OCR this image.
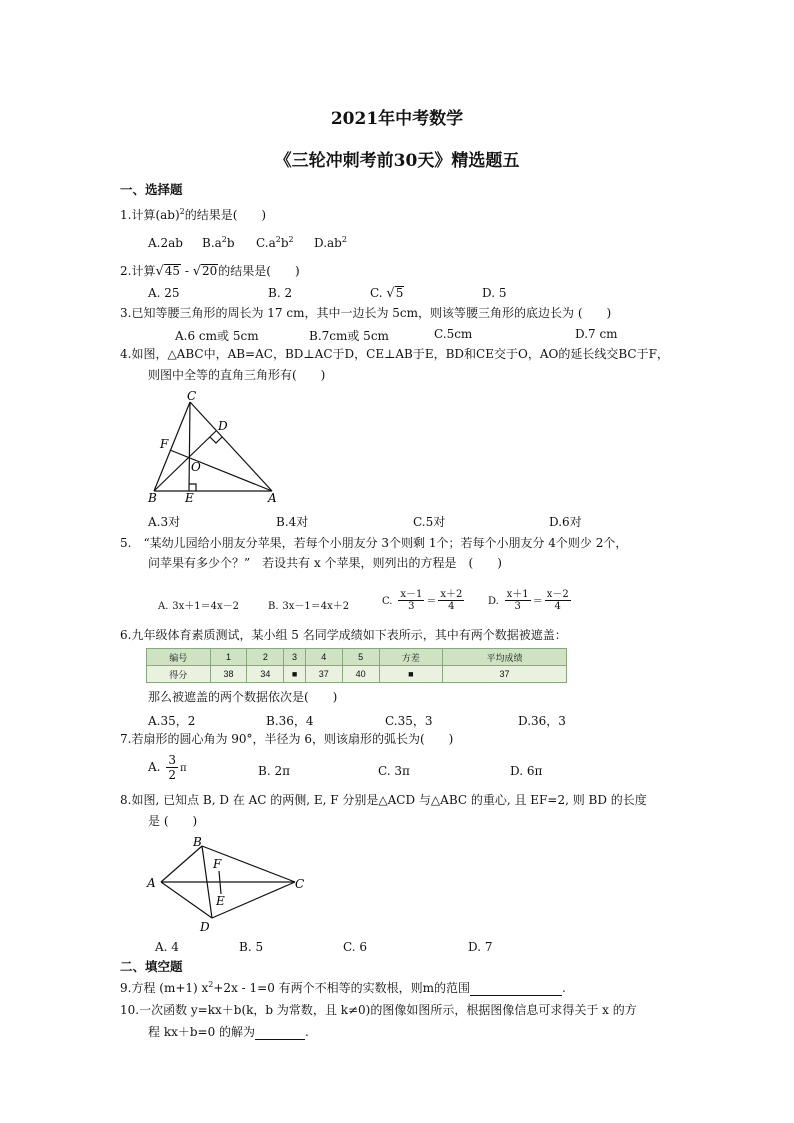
2021年中考数学
《三轮冲刺考前30天》精选题五
一、选择题
1.计算(ab)$^2$的结果是(　　)
A.2ab $B.a^2b$ $C.a^2b^2$ $D.ab^2$
2.计算√45 - √20的结果是(　　)
A. 25	B. 2	C. √5	D. 5
3.已知等腰三角形的周长为 17 cm，其中一边长为 5cm，则该等腰三角形的底边长为 (　　)
A.6 cm或 5cm	B.7cm或 5cm	C.5cm	D.7 cm
4.如图，△ABC中，AB=AC，BD⊥AC于D，CE⊥AB于E，BD和CE交于O，AO的延长线交BC于F，
则图中全等的直角三角形有(　　)
C
D
F
O
B E	A
A.3对	B.4对	C.5对	D.6对
5.　“某幼儿园给小朋友分苹果，若每个小朋友分 3个则剩 1个；若每个小朋友分 4个则少 2个，
问苹果有多少个？”　若设共有 x 个苹果，则列出的方程是　(　　)
A. 3x＋1＝4x－2	B. 3x－1＝4x＋2	C. $\frac{x-1}{3} = \frac{x+2}{4} D$. $\frac{x+1}{3} = \frac{x-2}{4}$
6.九年级体育素质测试，某小组 5 名同学成绩如下表所示，其中有两个数据被遮盖：
编号	1	2	3	4	5	方差	平均成绩
得分	38	34	■	37	40	■	37
那么被遮盖的两个数据依次是(　　)
A.35，2	B.36，4	C.35，3	D.36，3
7.若扇形的圆心角为 90°，半径为 6，则该扇形的弧长为(　　)
A. $\frac{3}{2}$ π	B. 2π	C. 3π	D. 6π
8.如图, 已知点 B, D 在 AC 的两侧, E, F 分别是△ACD 与△ABC 的重心, 且 EF=2, 则 BD 的长度
是 (　　)
B
A
F
C
E
D
A. 4	B. 5	C. 6	D. 7
二、填空题
9.方程 (m+1) $x^2+2x - 1=0$ 有两个不相等的实数根，则m的范围	.
10.一次函数 y=kx＋b(k，b 为常数，且 k≠0)的图像如图所示，根据图像信息可求得关于 x 的方
程 kx＋b=0 的解为	.
